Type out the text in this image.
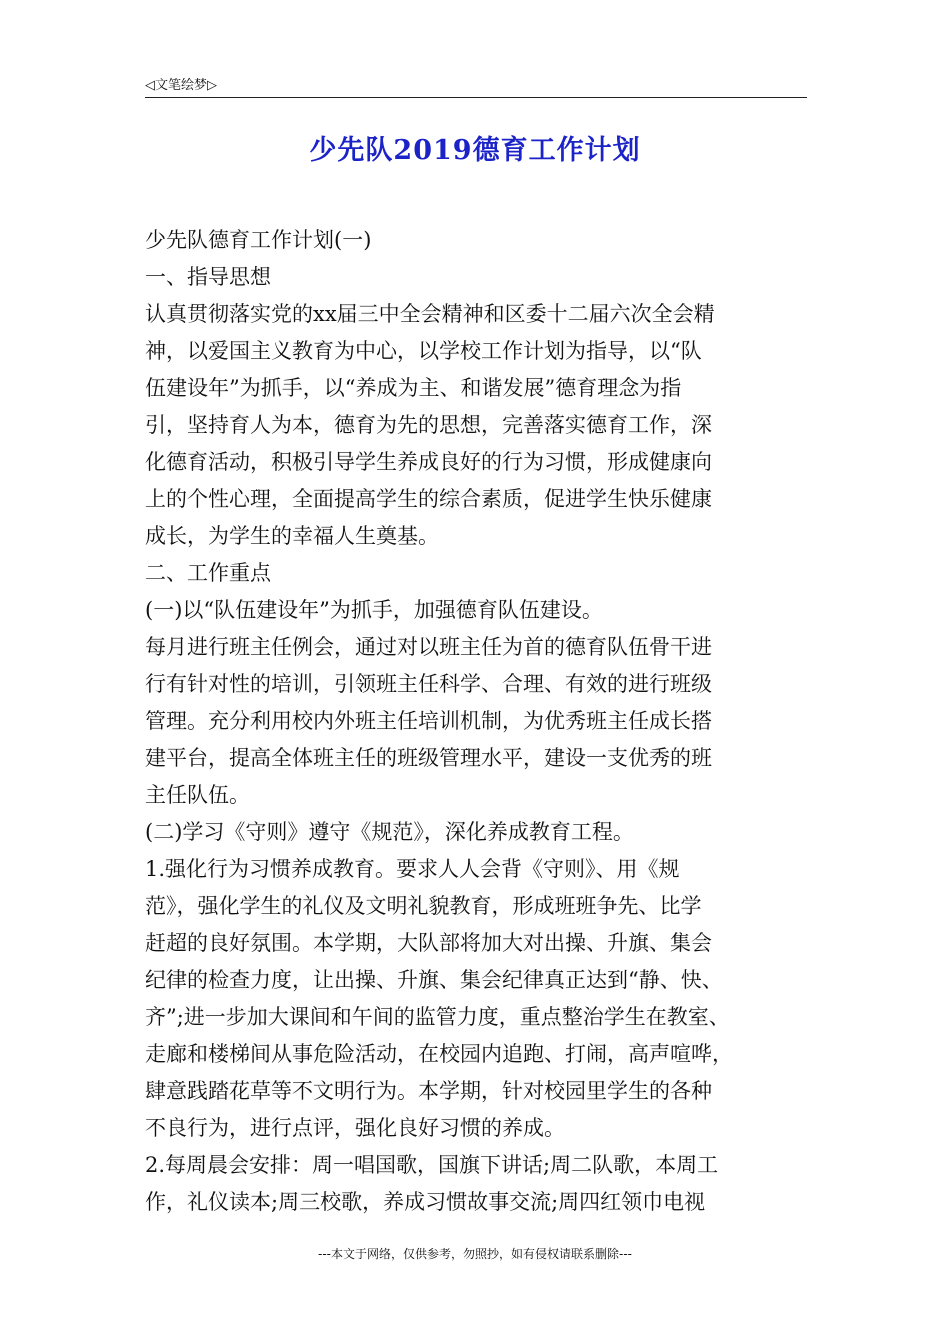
◁文笔绘梦▷
少先队2019德育工作计划
少先队德育工作计划(一)
一、指导思想
认真贯彻落实党的xx届三中全会精神和区委十二届六次全会精
神，以爱国主义教育为中心，以学校工作计划为指导，以“队
伍建设年”为抓手，以“养成为主、和谐发展”德育理念为指
引，坚持育人为本，德育为先的思想，完善落实德育工作，深
化德育活动，积极引导学生养成良好的行为习惯，形成健康向
上的个性心理，全面提高学生的综合素质，促进学生快乐健康
成长，为学生的幸福人生奠基。
二、工作重点
(一)以“队伍建设年”为抓手，加强德育队伍建设。
每月进行班主任例会，通过对以班主任为首的德育队伍骨干进
行有针对性的培训，引领班主任科学、合理、有效的进行班级
管理。充分利用校内外班主任培训机制，为优秀班主任成长搭
建平台，提高全体班主任的班级管理水平，建设一支优秀的班
主任队伍。
(二)学习《守则》遵守《规范》，深化养成教育工程。
1.强化行为习惯养成教育。要求人人会背《守则》、用《规
范》，强化学生的礼仪及文明礼貌教育，形成班班争先、比学
赶超的良好氛围。本学期，大队部将加大对出操、升旗、集会
纪律的检查力度，让出操、升旗、集会纪律真正达到“静、快、
齐”;进一步加大课间和午间的监管力度，重点整治学生在教室、
走廊和楼梯间从事危险活动，在校园内追跑、打闹，高声喧哗，
肆意践踏花草等不文明行为。本学期，针对校园里学生的各种
不良行为，进行点评，强化良好习惯的养成。
2.每周晨会安排：周一唱国歌，国旗下讲话;周二队歌，本周工
作，礼仪读本;周三校歌，养成习惯故事交流;周四红领巾电视
---本文于网络，仅供参考，勿照抄，如有侵权请联系删除---
